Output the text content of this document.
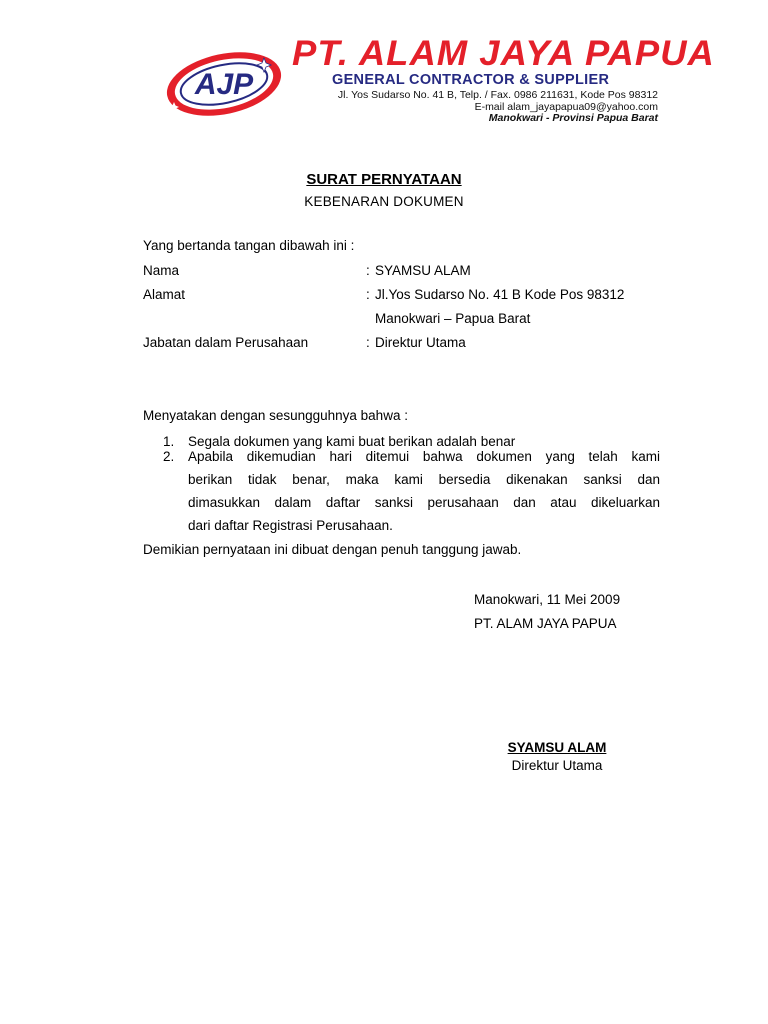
AJP
PT. ALAM JAYA PAPUA
GENERAL CONTRACTOR & SUPPLIER
Jl. Yos Sudarso No. 41 B, Telp. / Fax. 0986 211631, Kode Pos 98312
E-mail alam_jayapapua09@yahoo.com
Manokwari - Provinsi Papua Barat
SURAT PERNYATAAN
KEBENARAN DOKUMEN
Yang bertanda tangan dibawah ini :
Nama	: SYAMSU ALAM
Alamat	: Jl.Yos Sudarso No. 41 B Kode Pos 98312
Manokwari – Papua Barat
Jabatan dalam Perusahaan	: Direktur Utama
Menyatakan dengan sesungguhnya bahwa :
1. Segala dokumen yang kami buat berikan adalah benar
2. Apabila dikemudian hari ditemui bahwa dokumen yang telah kami
berikan tidak benar, maka kami bersedia dikenakan sanksi dan
dimasukkan dalam daftar sanksi perusahaan dan atau dikeluarkan
dari daftar Registrasi Perusahaan.
Demikian pernyataan ini dibuat dengan penuh tanggung jawab.
Manokwari, 11 Mei 2009
PT. ALAM JAYA PAPUA
SYAMSU ALAM
Direktur Utama
